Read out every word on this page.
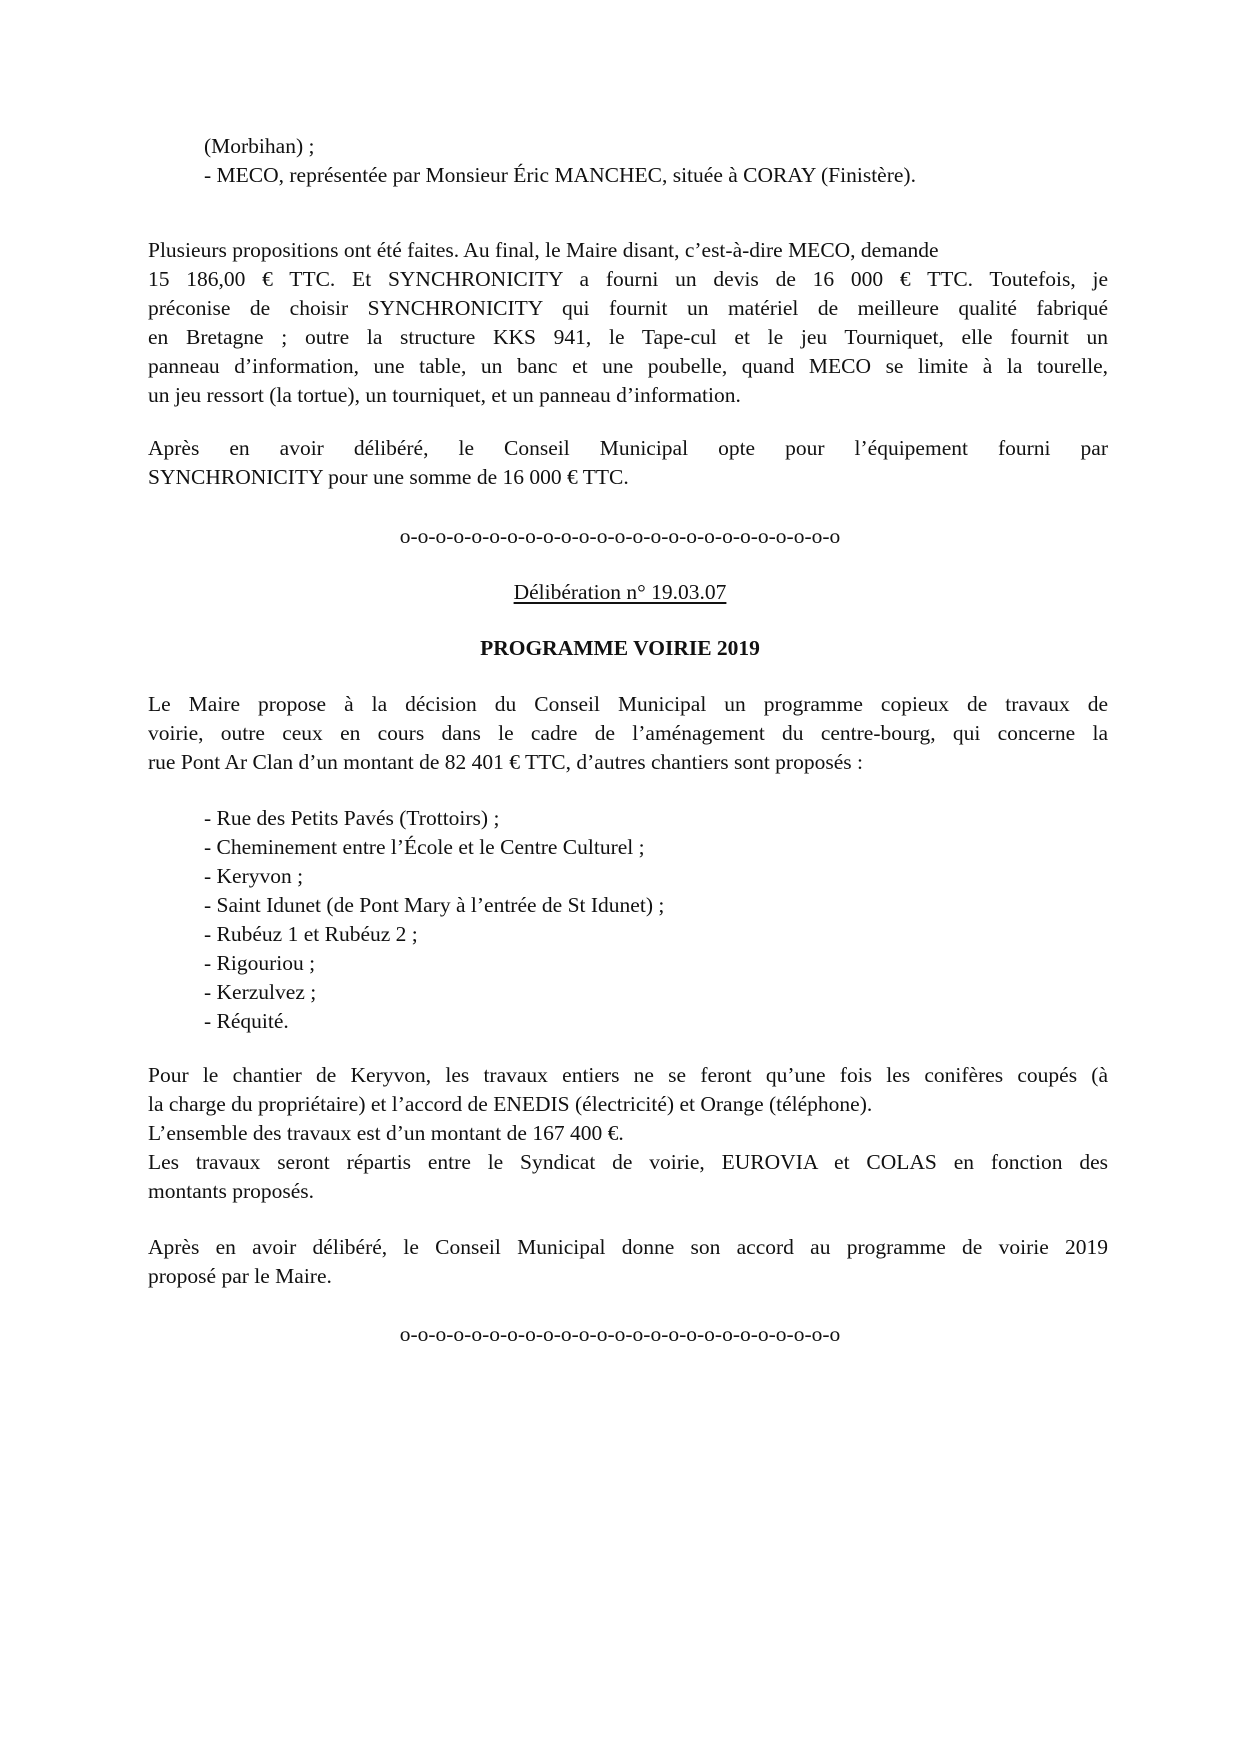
(Morbihan) ;
- MECO, représentée par Monsieur Éric MANCHEC, située à CORAY (Finistère).
Plusieurs propositions ont été faites. Au final, le Maire disant, c’est-à-dire MECO, demande
15 186,00 € TTC. Et SYNCHRONICITY a fourni un devis de 16 000 € TTC. Toutefois, je
préconise de choisir SYNCHRONICITY qui fournit un matériel de meilleure qualité fabriqué
en Bretagne ; outre la structure KKS 941, le Tape-cul et le jeu Tourniquet, elle fournit un
panneau d’information, une table, un banc et une poubelle, quand MECO se limite à la tourelle,
un jeu ressort (la tortue), un tourniquet, et un panneau d’information.
Après en avoir délibéré, le Conseil Municipal opte pour l’équipement fourni par
SYNCHRONICITY pour une somme de 16 000 € TTC.
o-o-o-o-o-o-o-o-o-o-o-o-o-o-o-o-o-o-o-o-o-o-o-o-o
Délibération n° 19.03.07
PROGRAMME VOIRIE 2019
Le Maire propose à la décision du Conseil Municipal un programme copieux de travaux de
voirie, outre ceux en cours dans le cadre de l’aménagement du centre-bourg, qui concerne la
rue Pont Ar Clan d’un montant de 82 401 € TTC, d’autres chantiers sont proposés :
- Rue des Petits Pavés (Trottoirs) ;
- Cheminement entre l’École et le Centre Culturel ;
- Keryvon ;
- Saint Idunet (de Pont Mary à l’entrée de St Idunet) ;
- Rubéuz 1 et Rubéuz 2 ;
- Rigouriou ;
- Kerzulvez ;
- Réquité.
Pour le chantier de Keryvon, les travaux entiers ne se feront qu’une fois les conifères coupés (à
la charge du propriétaire) et l’accord de ENEDIS (électricité) et Orange (téléphone).
L’ensemble des travaux est d’un montant de 167 400 €.
Les travaux seront répartis entre le Syndicat de voirie, EUROVIA et COLAS en fonction des
montants proposés.
Après en avoir délibéré, le Conseil Municipal donne son accord au programme de voirie 2019
proposé par le Maire.
o-o-o-o-o-o-o-o-o-o-o-o-o-o-o-o-o-o-o-o-o-o-o-o-o
